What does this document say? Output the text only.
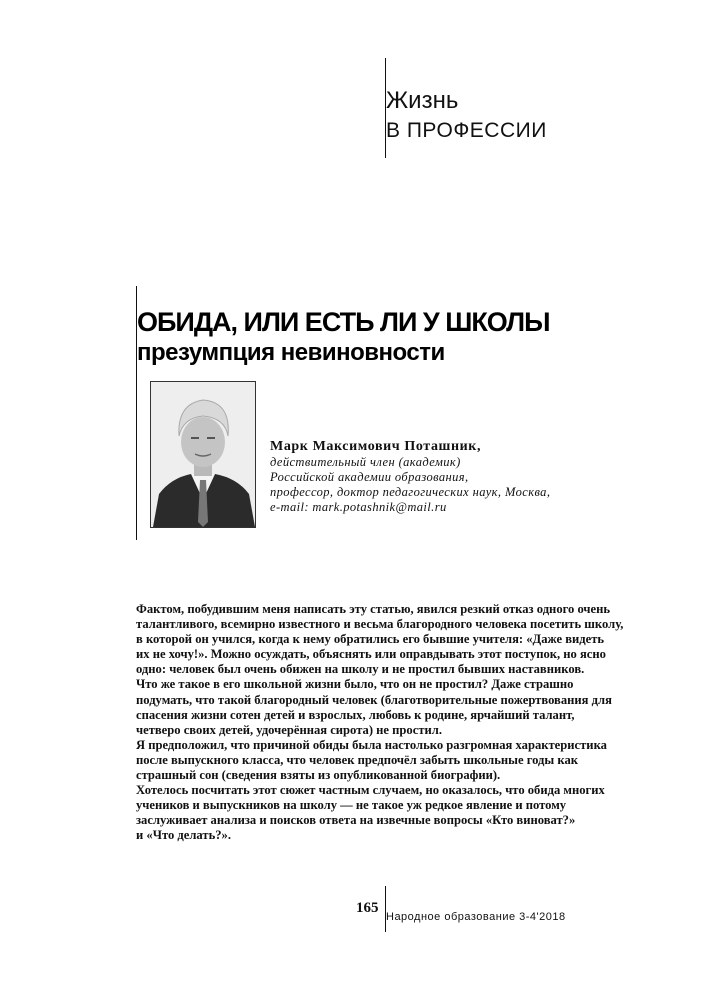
Жизнь
В ПРОФЕССИИ
ОБИДА, ИЛИ ЕСТЬ ЛИ У ШКОЛЫ
презумпция невиновности
Марк Максимович Поташник,
действительный член (академик)
Российской академии образования,
профессор, доктор педагогических наук, Москва,
e-mail: mark.potashnik@mail.ru
Фактом, побудившим меня написать эту статью, явился резкий отказ одного очень
талантливого, всемирно известного и весьма благородного человека посетить школу,
в которой он учился, когда к нему обратились его бывшие учителя: «Даже видеть
их не хочу!». Можно осуждать, объяснять или оправдывать этот поступок, но ясно
одно: человек был очень обижен на школу и не простил бывших наставников.
Что же такое в его школьной жизни было, что он не простил? Даже страшно
подумать, что такой благородный человек (благотворительные пожертвования для
спасения жизни сотен детей и взрослых, любовь к родине, ярчайший талант,
четверо своих детей, удочерённая сирота) не простил.
Я предположил, что причиной обиды была настолько разгромная характеристика
после выпускного класса, что человек предпочёл забыть школьные годы как
страшный сон (сведения взяты из опубликованной биографии).
Хотелось посчитать этот сюжет частным случаем, но оказалось, что обида многих
учеников и выпускников на школу — не такое уж редкое явление и потому
заслуживает анализа и поисков ответа на извечные вопросы «Кто виноват?»
и «Что делать?».
165
Народное образование 3-4'2018
